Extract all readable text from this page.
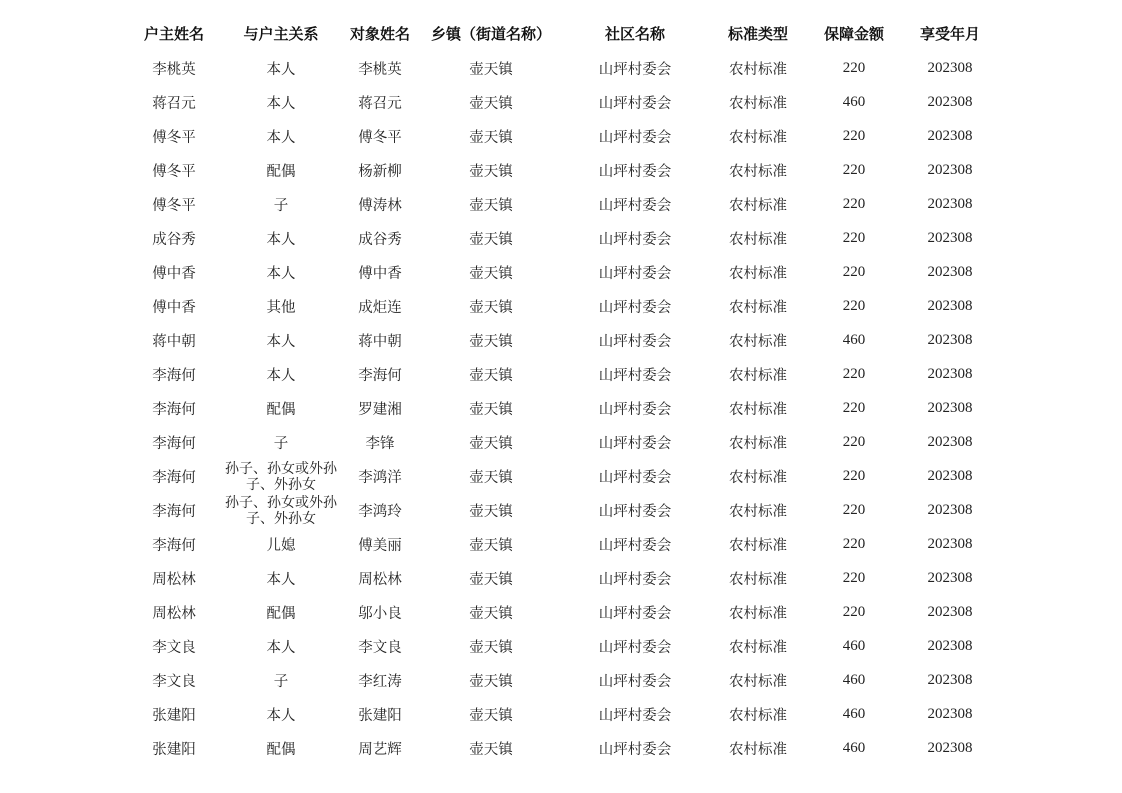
户主姓名	与户主关系	对象姓名	乡镇（街道名称）	社区名称	标准类型	保障金额	享受年月
李桃英	本人	李桃英	壶天镇	山坪村委会	农村标准	220	202308
蒋召元	本人	蒋召元	壶天镇	山坪村委会	农村标准	460	202308
傅冬平	本人	傅冬平	壶天镇	山坪村委会	农村标准	220	202308
傅冬平	配偶	杨新柳	壶天镇	山坪村委会	农村标准	220	202308
傅冬平	子	傅涛林	壶天镇	山坪村委会	农村标准	220	202308
成谷秀	本人	成谷秀	壶天镇	山坪村委会	农村标准	220	202308
傅中香	本人	傅中香	壶天镇	山坪村委会	农村标准	220	202308
傅中香	其他	成炬连	壶天镇	山坪村委会	农村标准	220	202308
蒋中朝	本人	蒋中朝	壶天镇	山坪村委会	农村标准	460	202308
李海何	本人	李海何	壶天镇	山坪村委会	农村标准	220	202308
李海何	配偶	罗建湘	壶天镇	山坪村委会	农村标准	220	202308
李海何	子	李锋	壶天镇	山坪村委会	农村标准	220	202308
李海何	孙子、孙女或外孙子、外孙女	李鸿洋	壶天镇	山坪村委会	农村标准	220	202308
李海何	孙子、孙女或外孙子、外孙女	李鸿玲	壶天镇	山坪村委会	农村标准	220	202308
李海何	儿媳	傅美丽	壶天镇	山坪村委会	农村标准	220	202308
周松林	本人	周松林	壶天镇	山坪村委会	农村标准	220	202308
周松林	配偶	邬小良	壶天镇	山坪村委会	农村标准	220	202308
李文良	本人	李文良	壶天镇	山坪村委会	农村标准	460	202308
李文良	子	李红涛	壶天镇	山坪村委会	农村标准	460	202308
张建阳	本人	张建阳	壶天镇	山坪村委会	农村标准	460	202308
张建阳	配偶	周艺辉	壶天镇	山坪村委会	农村标准	460	202308
